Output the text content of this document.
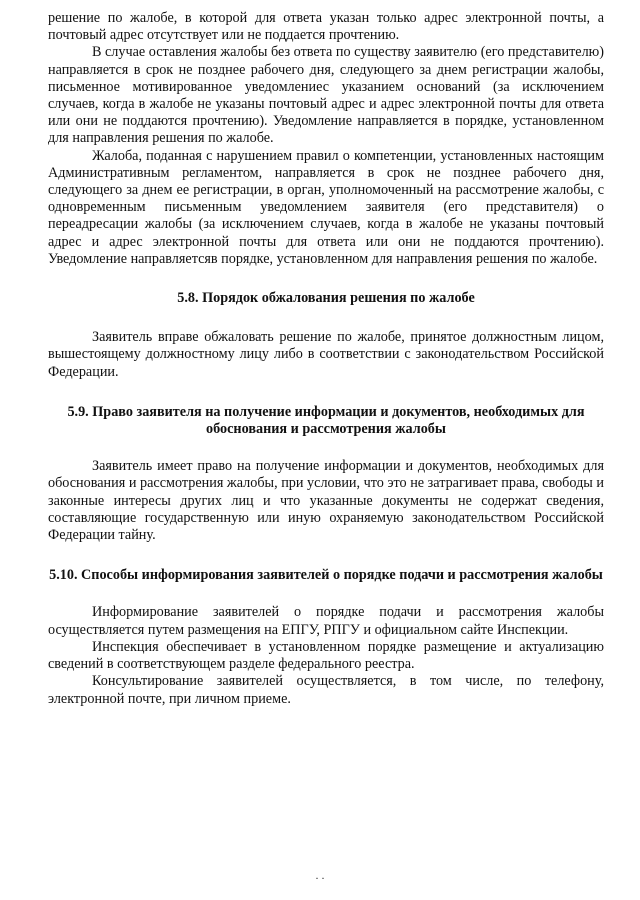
решение по жалобе, в которой для ответа указан только адрес электронной почты, а почтовый адрес отсутствует или не поддается прочтению.

В случае оставления жалобы без ответа по существу заявителю (его представителю) направляется в срок не позднее рабочего дня, следующего за днем регистрации жалобы, письменное мотивированное уведомлениес указанием оснований (за исключением случаев, когда в жалобе не указаны почтовый адрес и адрес электронной почты для ответа или они не поддаются прочтению). Уведомление направляется в порядке, установленном для направления решения по жалобе.

Жалоба, поданная с нарушением правил о компетенции, установленных настоящим Административным регламентом, направляется в срок не позднее рабочего дня, следующего за днем ее регистрации, в орган, уполномоченный на рассмотрение жалобы, с одновременным письменным уведомлением заявителя (его представителя) о переадресации жалобы (за исключением случаев, когда в жалобе не указаны почтовый адрес и адрес электронной почты для ответа или они не поддаются прочтению). Уведомление направляетсяв порядке, установленном для направления решения по жалобе.

5.8. Порядок обжалования решения по жалобе

Заявитель вправе обжаловать решение по жалобе, принятое должностным лицом, вышестоящему должностному лицу либо в соответствии с законодательством Российской Федерации.

5.9. Право заявителя на получение информации и документов, необходимых для обоснования и рассмотрения жалобы

Заявитель имеет право на получение информации и документов, необходимых для обоснования и рассмотрения жалобы, при условии, что это не затрагивает права, свободы и законные интересы других лиц и что указанные документы не содержат сведения, составляющие государственную или иную охраняемую законодательством Российской Федерации тайну.

5.10. Способы информирования заявителей о порядке подачи и рассмотрения жалобы

Информирование заявителей о порядке подачи и рассмотрения жалобы осуществляется путем размещения на ЕПГУ, РПГУ и официальном сайте Инспекции.

Инспекция обеспечивает в установленном порядке размещение и актуализацию сведений в соответствующем разделе федерального реестра.

Консультирование заявителей осуществляется, в том числе, по телефону, электронной почте, при личном приеме.

. .
